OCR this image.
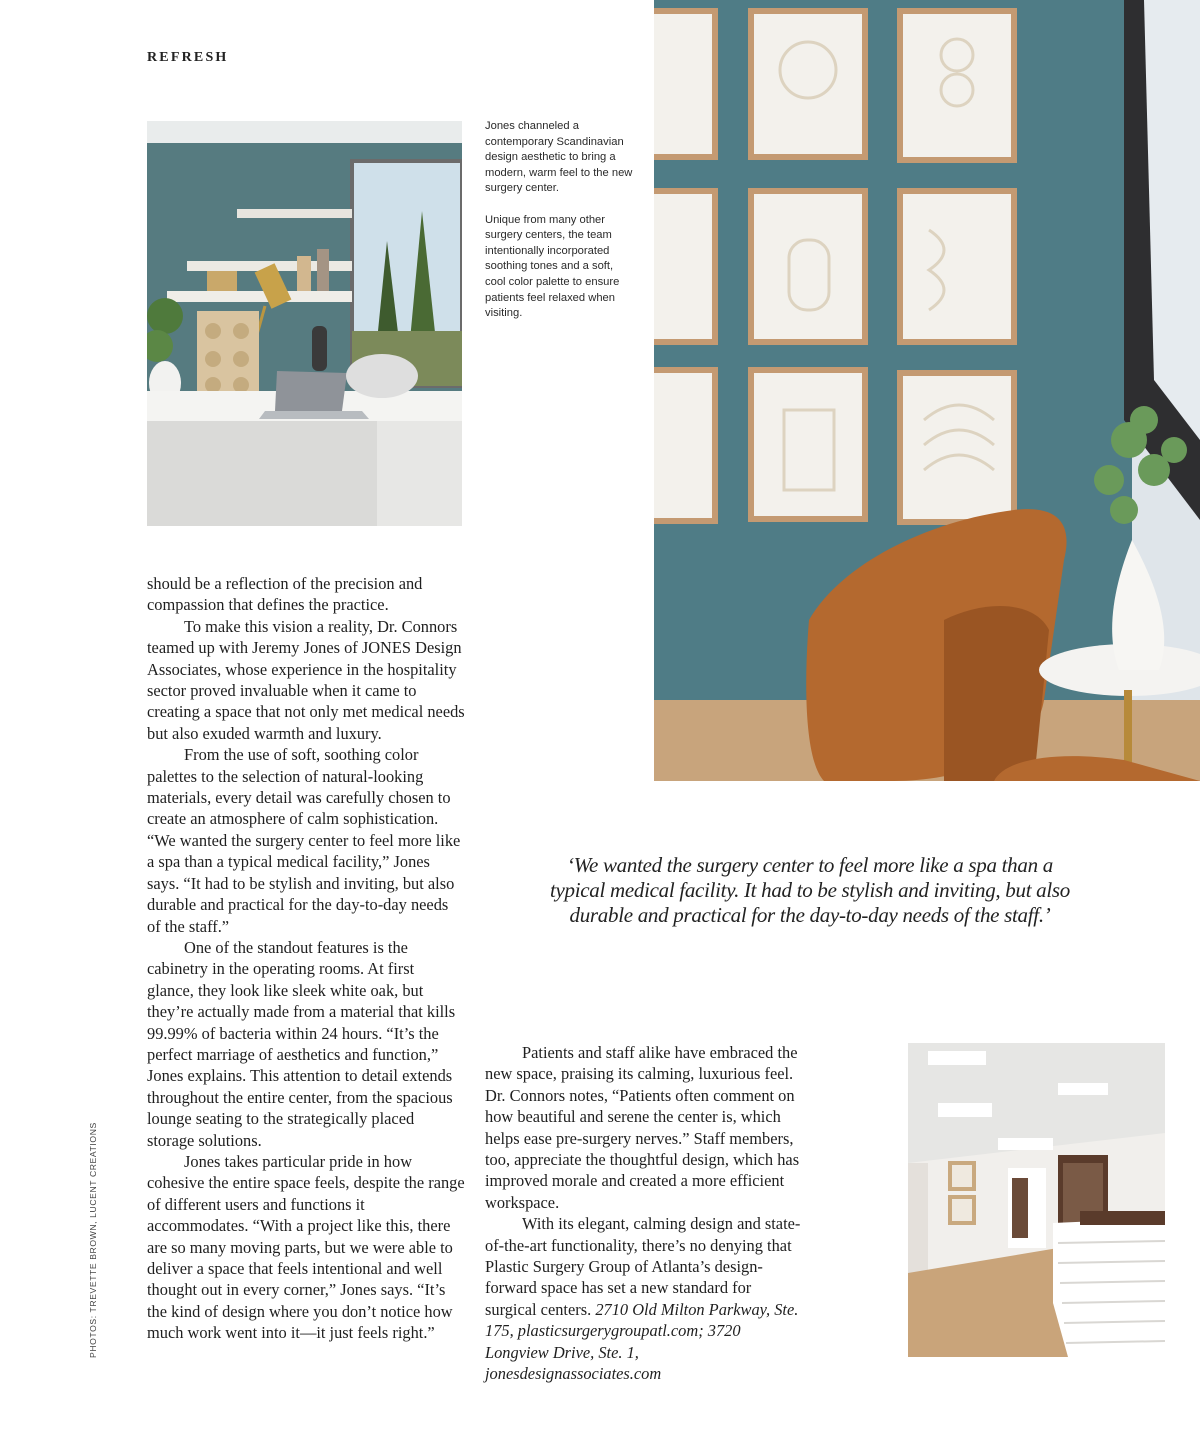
REFRESH

Jones channeled a contemporary Scandinavian design aesthetic to bring a modern, warm feel to the new surgery center.

Unique from many other surgery centers, the team intentionally incorporated soothing tones and a soft, cool color palette to ensure patients feel relaxed when visiting.

should be a reflection of the precision and compassion that defines the practice.

To make this vision a reality, Dr. Connors teamed up with Jeremy Jones of JONES Design Associates, whose experience in the hospitality sector proved invaluable when it came to creating a space that not only met medical needs but also exuded warmth and luxury.

From the use of soft, soothing color palettes to the selection of natural-looking materials, every detail was carefully chosen to create an atmosphere of calm sophistication. “We wanted the surgery center to feel more like a spa than a typical medical facility,” Jones says. “It had to be stylish and inviting, but also durable and practical for the day-to-day needs of the staff.”

One of the standout features is the cabinetry in the operating rooms. At first glance, they look like sleek white oak, but they’re actually made from a material that kills 99.99% of bacteria within 24 hours. “It’s the perfect marriage of aesthetics and function,” Jones explains. This attention to detail extends throughout the entire center, from the spacious lounge seating to the strategically placed storage solutions.

Jones takes particular pride in how cohesive the entire space feels, despite the range of different users and functions it accommodates. “With a project like this, there are so many moving parts, but we were able to deliver a space that feels intentional and well thought out in every corner,” Jones says. “It’s the kind of design where you don’t notice how much work went into it—it just feels right.”

‘We wanted the surgery center to feel more like a spa than a typical medical facility. It had to be stylish and inviting, but also durable and practical for the day-to-day needs of the staff.’

Patients and staff alike have embraced the new space, praising its calming, luxurious feel. Dr. Connors notes, “Patients often comment on how beautiful and serene the center is, which helps ease pre-surgery nerves.” Staff members, too, appreciate the thoughtful design, which has improved morale and created a more efficient workspace.

With its elegant, calming design and state-of-the-art functionality, there’s no denying that Plastic Surgery Group of Atlanta’s design-forward space has set a new standard for surgical centers. 2710 Old Milton Parkway, Ste. 175, plasticsurgerygroupatl.com; 3720 Longview Drive, Ste. 1, jonesdesignassociates.com

PHOTOS: TREVETTE BROWN, LUCENT CREATIONS
